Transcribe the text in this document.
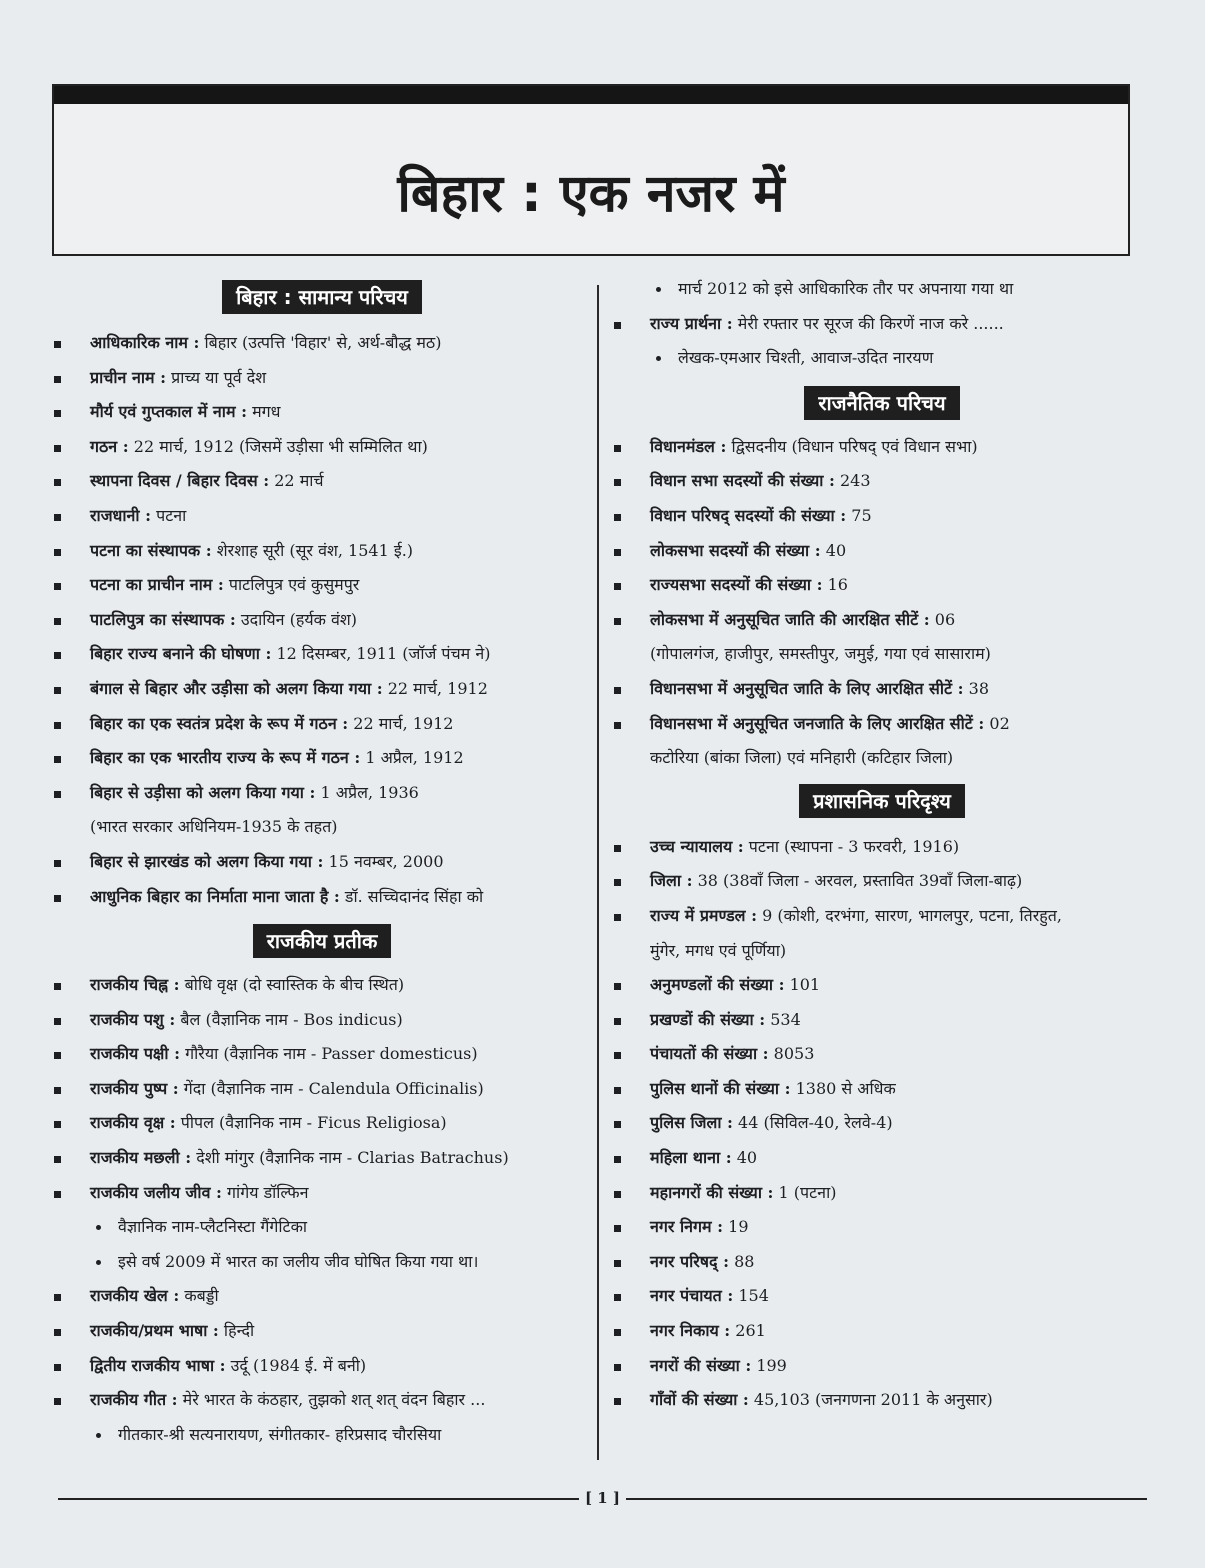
बिहार : एक नजर में
बिहार : सामान्य परिचय
आधिकारिक नाम : बिहार (उत्पत्ति 'विहार' से, अर्थ-बौद्ध मठ)
प्राचीन नाम : प्राच्य या पूर्व देश
मौर्य एवं गुप्तकाल में नाम : मगध
गठन : 22 मार्च, 1912 (जिसमें उड़ीसा भी सम्मिलित था)
स्थापना दिवस / बिहार दिवस : 22 मार्च
राजधानी : पटना
पटना का संस्थापक : शेरशाह सूरी (सूर वंश, 1541 ई.)
पटना का प्राचीन नाम : पाटलिपुत्र एवं कुसुमपुर
पाटलिपुत्र का संस्थापक : उदायिन (हर्यक वंश)
बिहार राज्य बनाने की घोषणा : 12 दिसम्बर, 1911 (जॉर्ज पंचम ने)
बंगाल से बिहार और उड़ीसा को अलग किया गया : 22 मार्च, 1912
बिहार का एक स्वतंत्र प्रदेश के रूप में गठन : 22 मार्च, 1912
बिहार का एक भारतीय राज्य के रूप में गठन : 1 अप्रैल, 1912
बिहार से उड़ीसा को अलग किया गया : 1 अप्रैल, 1936
(भारत सरकार अधिनियम-1935 के तहत)
बिहार से झारखंड को अलग किया गया : 15 नवम्बर, 2000
आधुनिक बिहार का निर्माता माना जाता है : डॉ. सच्चिदानंद सिंहा को
राजकीय प्रतीक
राजकीय चिह्न : बोधि वृक्ष (दो स्वास्तिक के बीच स्थित)
राजकीय पशु : बैल (वैज्ञानिक नाम - Bos indicus)
राजकीय पक्षी : गौरैया (वैज्ञानिक नाम - Passer domesticus)
राजकीय पुष्प : गेंदा (वैज्ञानिक नाम - Calendula Officinalis)
राजकीय वृक्ष : पीपल (वैज्ञानिक नाम - Ficus Religiosa)
राजकीय मछली : देशी मांगुर (वैज्ञानिक नाम - Clarias Batrachus)
राजकीय जलीय जीव : गांगेय डॉल्फिन
वैज्ञानिक नाम-प्लैटनिस्टा गैंगेटिका
इसे वर्ष 2009 में भारत का जलीय जीव घोषित किया गया था।
राजकीय खेल : कबड्डी
राजकीय/प्रथम भाषा : हिन्दी
द्वितीय राजकीय भाषा : उर्दू (1984 ई. में बनी)
राजकीय गीत : मेरे भारत के कंठहार, तुझको शत् शत् वंदन बिहार ...
गीतकार-श्री सत्यनारायण, संगीतकार- हरिप्रसाद चौरसिया
मार्च 2012 को इसे आधिकारिक तौर पर अपनाया गया था
राज्य प्रार्थना : मेरी रफ्तार पर सूरज की किरणें नाज करे ......
लेखक-एमआर चिश्ती, आवाज-उदित नारयण
राजनैतिक परिचय
विधानमंडल : द्विसदनीय (विधान परिषद् एवं विधान सभा)
विधान सभा सदस्यों की संख्या : 243
विधान परिषद् सदस्यों की संख्या : 75
लोकसभा सदस्यों की संख्या : 40
राज्यसभा सदस्यों की संख्या : 16
लोकसभा में अनुसूचित जाति की आरक्षित सीटें : 06
(गोपालगंज, हाजीपुर, समस्तीपुर, जमुई, गया एवं सासाराम)
विधानसभा में अनुसूचित जाति के लिए आरक्षित सीटें : 38
विधानसभा में अनुसूचित जनजाति के लिए आरक्षित सीटें : 02
कटोरिया (बांका जिला) एवं मनिहारी (कटिहार जिला)
प्रशासनिक परिदृश्य
उच्च न्यायालय : पटना (स्थापना - 3 फरवरी, 1916)
जिला : 38 (38वाँ जिला - अरवल, प्रस्तावित 39वाँ जिला-बाढ़)
राज्य में प्रमण्डल : 9 (कोशी, दरभंगा, सारण, भागलपुर, पटना, तिरहुत,
मुंगेर, मगध एवं पूर्णिया)
अनुमण्डलों की संख्या : 101
प्रखण्डों की संख्या : 534
पंचायतों की संख्या : 8053
पुलिस थानों की संख्या : 1380 से अधिक
पुलिस जिला : 44 (सिविल-40, रेलवे-4)
महिला थाना : 40
महानगरों की संख्या : 1 (पटना)
नगर निगम : 19
नगर परिषद् : 88
नगर पंचायत : 154
नगर निकाय : 261
नगरों की संख्या : 199
गाँवों की संख्या : 45,103 (जनगणना 2011 के अनुसार)
[ 1 ]
